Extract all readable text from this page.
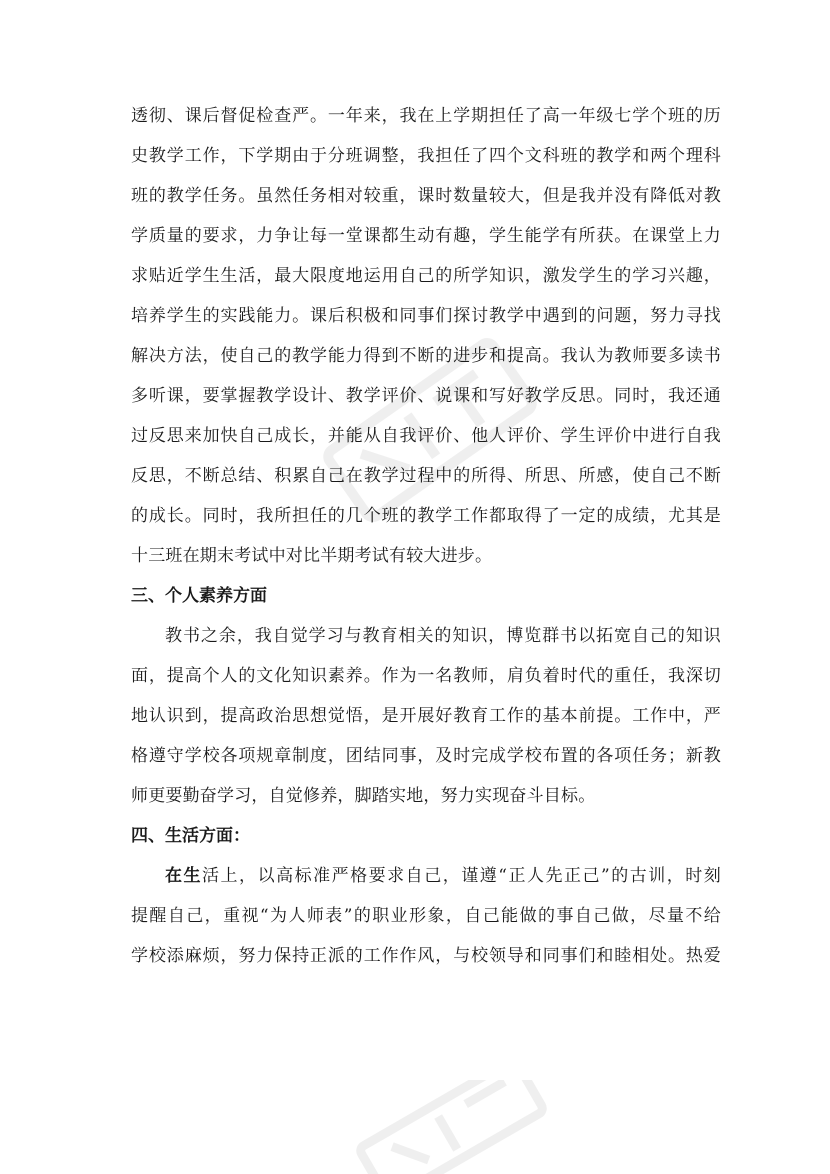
透彻、课后督促检查严。一年来，我在上学期担任了高一年级七学个班的历
史教学工作，下学期由于分班调整，我担任了四个文科班的教学和两个理科
班的教学任务。虽然任务相对较重，课时数量较大，但是我并没有降低对教
学质量的要求，力争让每一堂课都生动有趣，学生能学有所获。在课堂上力
求贴近学生生活，最大限度地运用自己的所学知识，激发学生的学习兴趣，
培养学生的实践能力。课后积极和同事们探讨教学中遇到的问题，努力寻找
解决方法，使自己的教学能力得到不断的进步和提高。我认为教师要多读书
多听课，要掌握教学设计、教学评价、说课和写好教学反思。同时，我还通
过反思来加快自己成长，并能从自我评价、他人评价、学生评价中进行自我
反思，不断总结、积累自己在教学过程中的所得、所思、所感，使自己不断
的成长。同时，我所担任的几个班的教学工作都取得了一定的成绩，尤其是
十三班在期末考试中对比半期考试有较大进步。
三、个人素养方面
教书之余，我自觉学习与教育相关的知识，博览群书以拓宽自己的知识
面，提高个人的文化知识素养。作为一名教师，肩负着时代的重任，我深切
地认识到，提高政治思想觉悟，是开展好教育工作的基本前提。工作中，严
格遵守学校各项规章制度，团结同事，及时完成学校布置的各项任务；新教
师更要勤奋学习，自觉修养，脚踏实地，努力实现奋斗目标。
四、生活方面：
在生活上，以高标准严格要求自己，谨遵“正人先正己”的古训，时刻
提醒自己，重视“为人师表”的职业形象，自己能做的事自己做，尽量不给
学校添麻烦，努力保持正派的工作作风，与校领导和同事们和睦相处。热爱
